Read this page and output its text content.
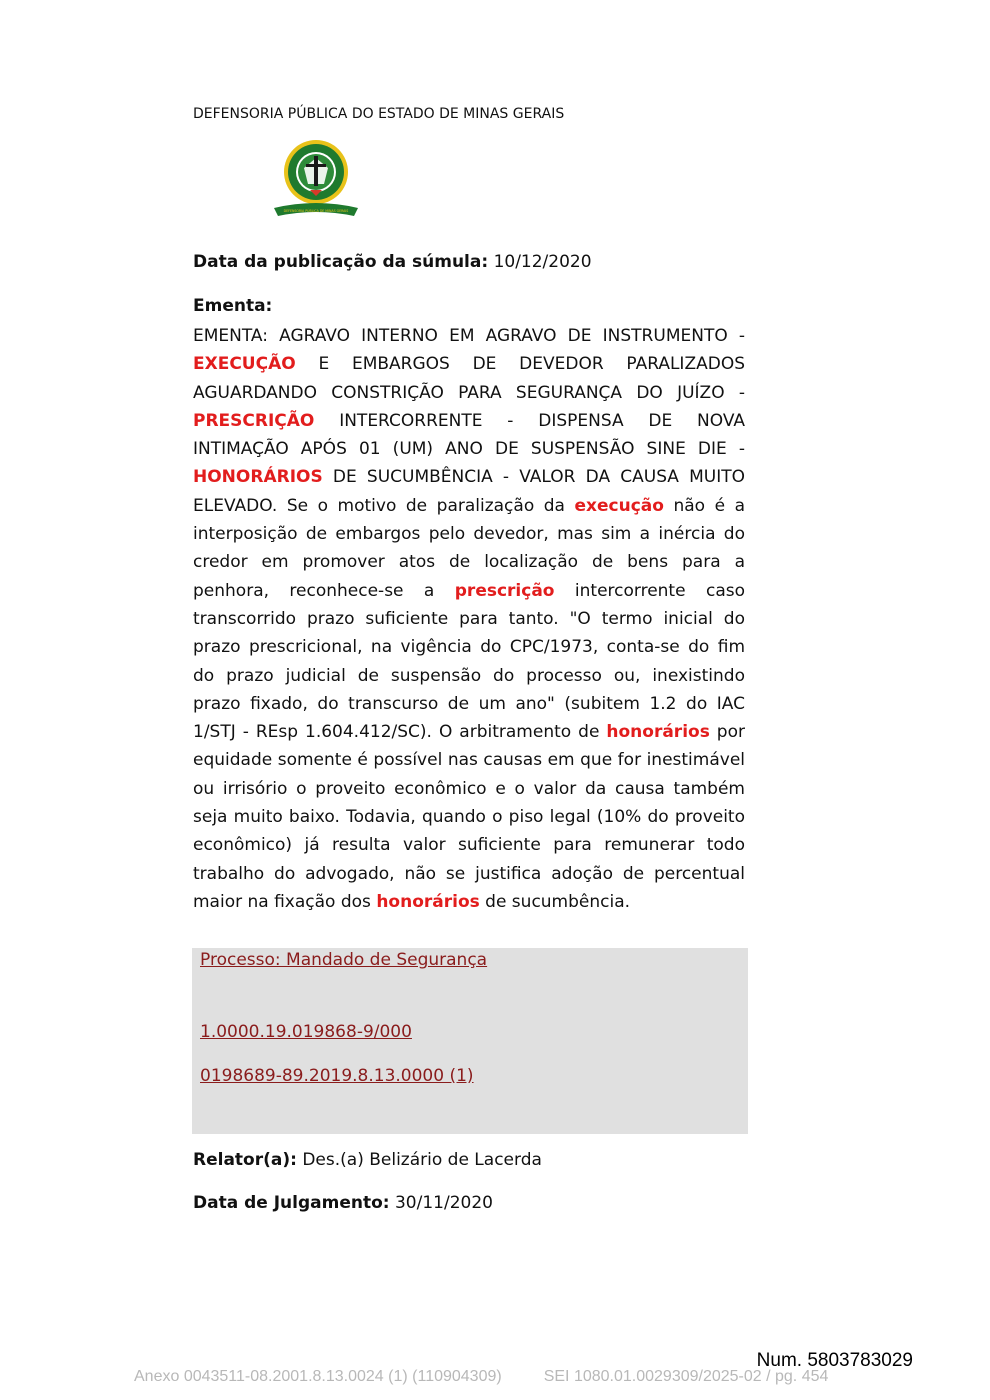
DEFENSORIA PÚBLICA DO ESTADO DE MINAS GERAIS
DEFENSORIA PÚBLICA DE MINAS GERAIS
Data da publicação da súmula: 10/12/2020
Ementa:
EMENTA: AGRAVO INTERNO EM AGRAVO DE INSTRUMENTO - EXECUÇÃO E EMBARGOS DE DEVEDOR PARALIZADOS AGUARDANDO CONSTRIÇÃO PARA SEGURANÇA DO JUÍZO - PRESCRIÇÃO INTERCORRENTE - DISPENSA DE NOVA INTIMAÇÃO APÓS 01 (UM) ANO DE SUSPENSÃO SINE DIE - HONORÁRIOS DE SUCUMBÊNCIA - VALOR DA CAUSA MUITO ELEVADO. Se o motivo de paralização da execução não é a interposição de embargos pelo devedor, mas sim a inércia do credor em promover atos de localização de bens para a penhora, reconhece-se a prescrição intercorrente caso transcorrido prazo suficiente para tanto. "O termo inicial do prazo prescricional, na vigência do CPC/1973, conta-se do fim do prazo judicial de suspensão do processo ou, inexistindo prazo fixado, do transcurso de um ano" (subitem 1.2 do IAC 1/STJ - REsp 1.604.412/SC). O arbitramento de honorários por equidade somente é possível nas causas em que for inestimável ou irrisório o proveito econômico e o valor da causa também seja muito baixo. Todavia, quando o piso legal (10% do proveito econômico) já resulta valor suficiente para remunerar todo trabalho do advogado, não se justifica adoção de percentual maior na fixação dos honorários de sucumbência.
Processo: Mandado de Segurança
1.0000.19.019868-9/000
0198689-89.2019.8.13.0000 (1)
Relator(a): Des.(a) Belizário de Lacerda
Data de Julgamento: 30/11/2020
Num. 5803783029
Anexo 0043511-08.2001.8.13.0024 (1) (110904309)	SEI 1080.01.0029309/2025-02 / pg. 454
